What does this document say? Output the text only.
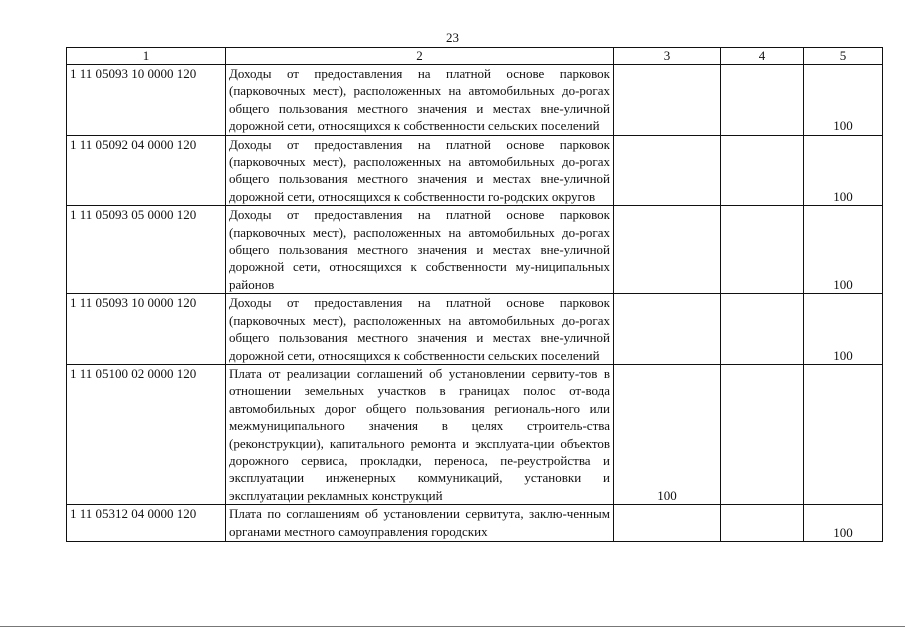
23
1	2	3	4	5
1 11 05093 10 0000 120	Доходы от предоставления на платной основе парковок (парковочных мест), расположенных на автомобильных до-рогах общего пользования местного значения и местах вне-уличной дорожной сети, относящихся к собственности сельских поселений			100
1 11 05092 04 0000 120	Доходы от предоставления на платной основе парковок (парковочных мест), расположенных на автомобильных до-рогах общего пользования местного значения и местах вне-уличной дорожной сети, относящихся к собственности го-родских округов			100
1 11 05093 05 0000 120	Доходы от предоставления на платной основе парковок (парковочных мест), расположенных на автомобильных до-рогах общего пользования местного значения и местах вне-уличной дорожной сети, относящихся к собственности му-ниципальных районов			100
1 11 05093 10 0000 120	Доходы от предоставления на платной основе парковок (парковочных мест), расположенных на автомобильных до-рогах общего пользования местного значения и местах вне-уличной дорожной сети, относящихся к собственности сельских поселений			100
1 11 05100 02 0000 120	Плата от реализации соглашений об установлении сервиту-тов в отношении земельных участков в границах полос от-вода автомобильных дорог общего пользования региональ-ного или межмуниципального значения в целях строитель-ства (реконструкции), капитального ремонта и эксплуата-ции объектов дорожного сервиса, прокладки, переноса, пе-реустройства и эксплуатации инженерных коммуникаций, установки и эксплуатации рекламных конструкций	100		
1 11 05312 04 0000 120	Плата по соглашениям об установлении сервитута, заклю-ченным органами местного самоуправления городских			100
